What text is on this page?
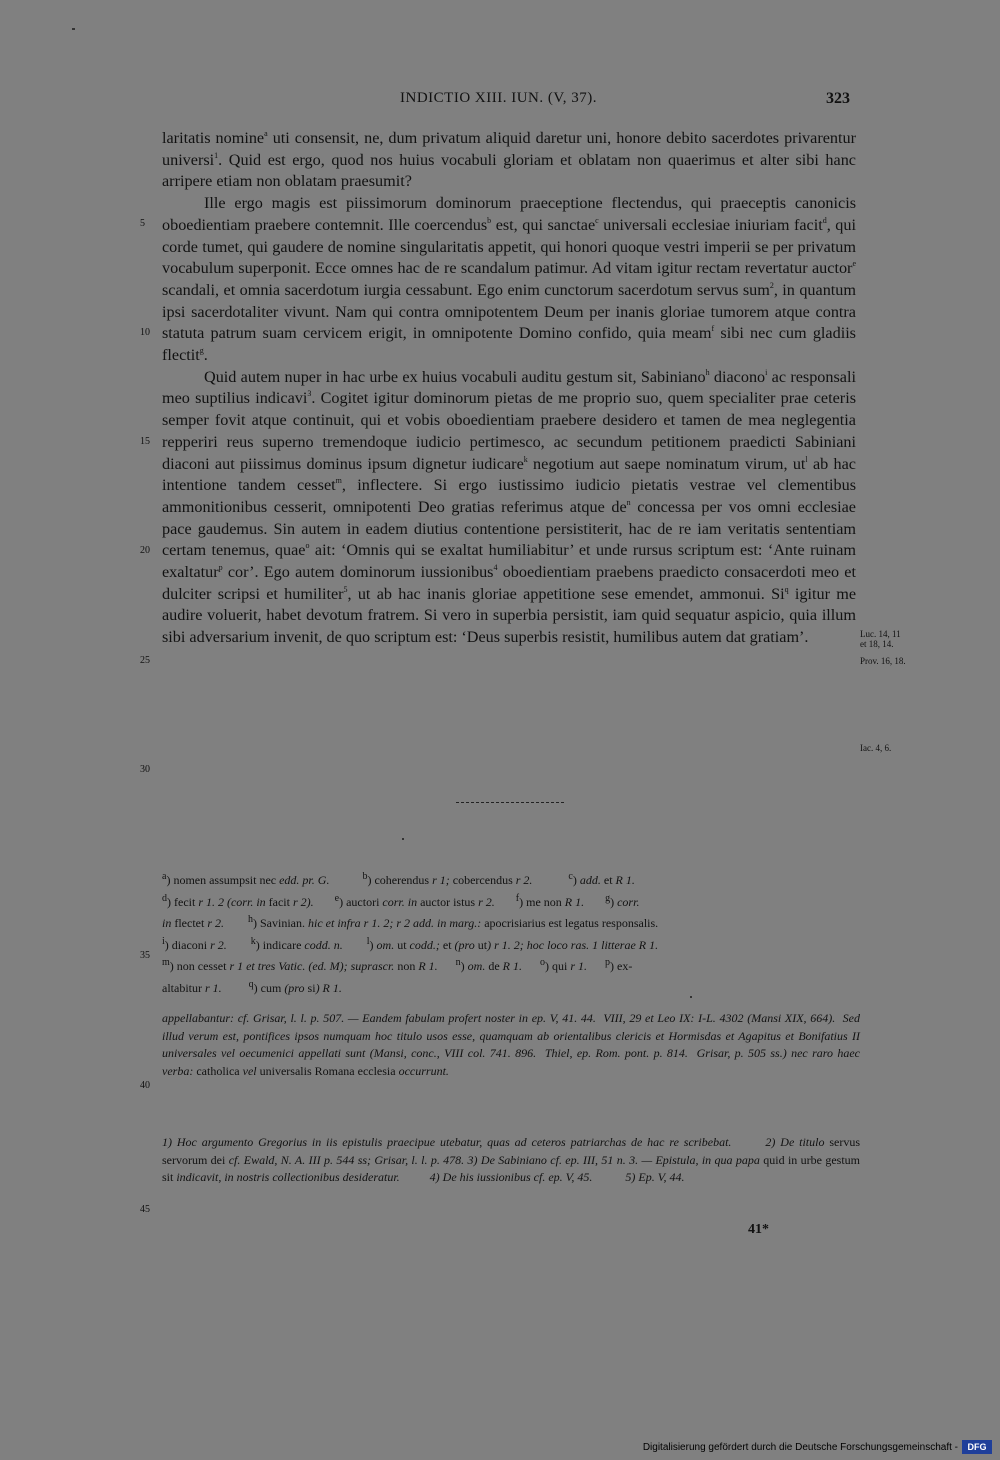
INDICTIO XIII. IUN. (V, 37).	323

laritatis nomine$^a$ uti consensit, ne, dum privatum aliquid daretur uni, honore debito sacerdotes privarentur universi$^1$. Quid est ergo, quod nos huius vocabuli gloriam et oblatam non quaerimus et alter sibi hanc arripere etiam non oblatam praesumit?

Ille ergo magis est piissimorum dominorum praeceptione flectendus, qui praeceptis canonicis oboedientiam praebere contemnit. Ille coercendus$^b$ est, qui sanctae$^c$ universali ecclesiae iniuriam facit$^d$, qui corde tumet, qui gaudere de nomine singularitatis appetit, qui honori quoque vestri imperii se per privatum vocabulum superponit. Ecce omnes hac de re scandalum patimur. Ad vitam igitur rectam revertatur auctor$^e$ scandali, et omnia sacerdotum iurgia cessabunt. Ego enim cunctorum sacerdotum servus sum$^2$, in quantum ipsi sacerdotaliter vivunt. Nam qui contra omnipotentem Deum per inanis gloriae tumorem atque contra statuta patrum suam cervicem erigit, in omnipotente Domino confido, quia meam$^f$ sibi nec cum gladiis flectit$^g$.

Quid autem nuper in hac urbe ex huius vocabuli auditu gestum sit, Sabiniano$^h$ diacono$^i$ ac responsali meo suptilius indicavi$^3$. Cogitet igitur dominorum pietas de me proprio suo, quem specialiter prae ceteris semper fovit atque continuit, qui et vobis oboedientiam praebere desidero et tamen de mea neglegentia repperiri reus superno tremendoque iudicio pertimesco, ac secundum petitionem praedicti Sabiniani diaconi aut piissimus dominus ipsum dignetur iudicare$^k$ negotium aut saepe nominatum virum, $ut^l$ ab hac intentione tandem cesset$^m$, inflectere. Si ergo iustissimo iudicio pietatis vestrae vel clementibus ammonitionibus cesserit, omnipotenti Deo gratias referimus atque $de^n$ concessa per vos omni ecclesiae pace gaudemus. Sin autem in eadem diutius contentione persistiterit, hac de re iam veritatis sententiam certam tenemus, quae$^o$ ait: ‘Omnis qui se exaltat humiliabitur’ et unde rursus scriptum est: ‘Ante ruinam exaltatur$^p$ cor’. Ego autem dominorum iussionibus$^4$ oboedientiam praebens praedicto consacerdoti meo et dulciter scripsi et humiliter$^5$, ut ab hac inanis gloriae appetitione sese emendet, ammonui. Si$^q$ igitur me audire voluerit, habet devotum fratrem. Si vero in superbia persistit, iam quid sequatur aspicio, quia illum sibi adversarium invenit, de quo scriptum est: ‘Deus superbis resistit, humilibus autem dat gratiam’.

5
10
15
20
25
30
35
40
45
Luc. 14, 11
et 18, 14.
Prov. 16, 18.
Iac. 4, 6.
$^a$) nomen assumpsit nec edd. pr. G.	$^b$) coherendus r 1; cobercendus r 2.	$^c$) add. et R 1.
$^d$) fecit r 1. 2 (corr. in facit r 2). $^e$) auctori corr. in auctor istus r 2. $^f$) me non R 1. $^g$) corr.
in flectet r 2. $^h$) Savinian. hic et infra r 1. 2; r 2 add. in marg.: apocrisiarius est legatus responsalis.
$^i$) diaconi r 2. $^k$) indicare codd. n. $^l$) om. ut codd.; et (pro ut) r 1. 2; hoc loco ras. 1 litterae R 1.
$^m$) non cesset r 1 et tres Vatic. (ed. M); suprascr. non R 1. $^n$) om. de R 1. $^o$) qui r 1. $^p$) ex-
altabitur r 1.	$^q$) cum (pro si) R 1.

appellabantur: cf. Grisar, l. l. p. 507. — Eandem fabulam profert noster in ep. V, 41. 44.  VIII, 29 et Leo IX: I-L. 4302 (Mansi XIX, 664).  Sed illud verum est, pontifices ipsos numquam hoc titulo usos esse, quamquam ab orientalibus clericis et Hormisdas et Agapitus et Bonifatius II universales vel oecumenici appellati sunt (Mansi, conc., VIII col. 741. 896.  Thiel, ep. Rom. pont. p. 814.  Grisar, p. 505 ss.) nec raro haec verba: catholica vel universalis Romana ecclesia occurrunt.

1) Hoc argumento Gregorius in iis epistulis praecipue utebatur, quas ad ceteros patriarchas de hac re scribebat.       2) De titulo servus servorum dei cf. Ewald, N. A. III p. 544 ss; Grisar, l. l. p. 478. 3) De Sabiniano cf. ep. III, 51 n. 3. — Epistula, in qua papa quid in urbe gestum sit indicavit, in nostris collectionibus desideratur.          4) De his iussionibus cf. ep. V, 45.           5) Ep. V, 44.

41*
Digitalisierung gefördert durch die Deutsche Forschungsgemeinschaft -	DFG
